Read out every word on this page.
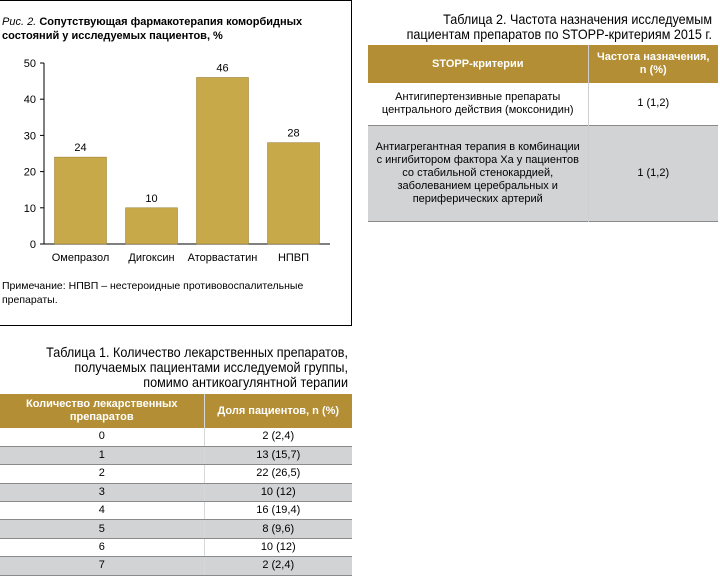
Рис. 2. Сопутствующая фармакотерапия коморбидных состояний у исследуемых пациентов, %

0
10
20
30
40
50
24
Омепразол
10
Дигоксин
46
Аторвастатин
28
НПВП

Примечание: НПВП – нестероидные противовоспалительные препараты.

Таблица 2. Частота назначения исследуемым пациентам препаратов по STOPP-критериям 2015 г.

STOPP-критерии	Частота назначения, n (%)
Антигипертензивные препараты центрального действия (моксонидин)	1 (1,2)
Антиагрегантная терапия в комбинации с ингибитором фактора Ха у пациентов со стабильной стенокардией, заболеванием церебральных и периферических артерий	1 (1,2)

Таблица 1. Количество лекарственных препаратов, получаемых пациентами исследуемой группы, помимо антикоагулянтной терапии

Количество лекарственных препаратов	Доля пациентов, n (%)
0	2 (2,4)
1	13 (15,7)
2	22 (26,5)
3	10 (12)
4	16 (19,4)
5	8 (9,6)
6	10 (12)
7	2 (2,4)
